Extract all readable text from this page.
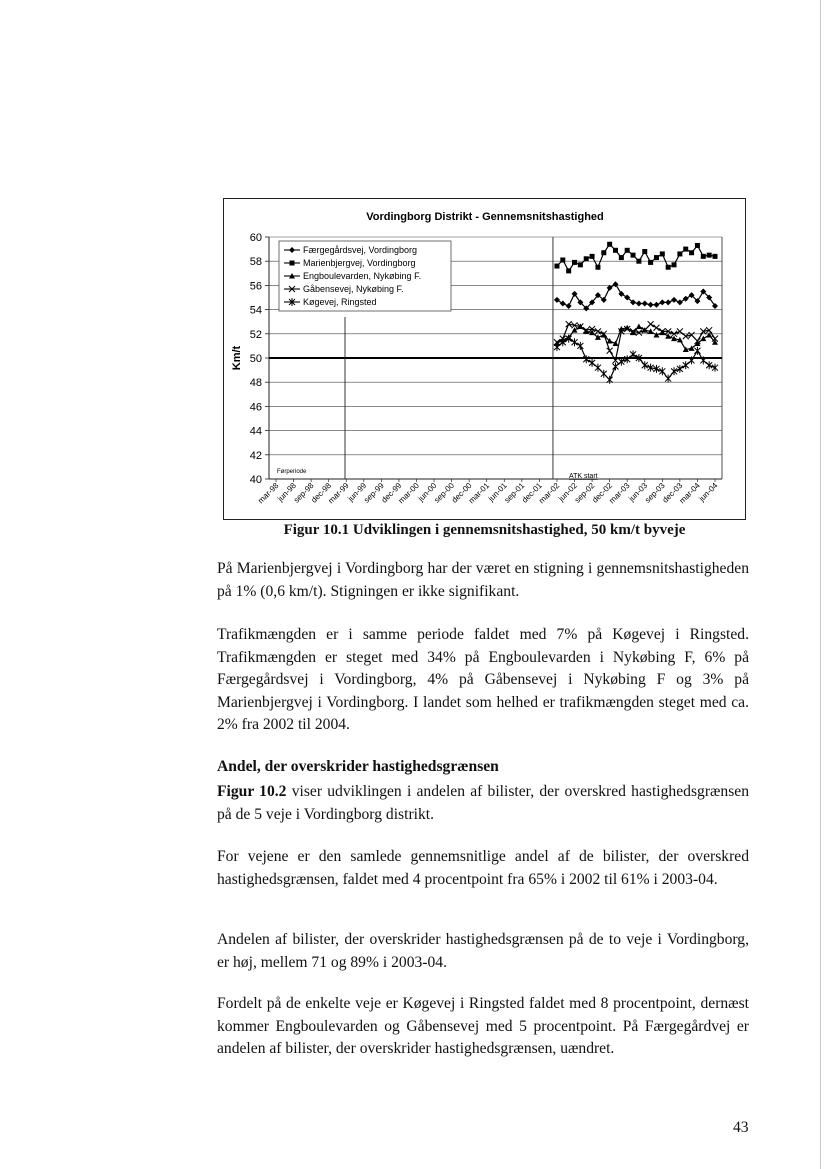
Vordingborg Distrikt - Gennemsnitshastighed
Km/t
40
42
44
46
48
50
52
54
56
58
60
mar-98
jun-98
sep-98
dec-98
mar-99
jun-99
sep-99
dec-99
mar-00
jun-00
sep-00
dec-00
mar-01
jun-01
sep-01
dec-01
mar-02
jun-02
sep-02
dec-02
mar-03
jun-03
sep-03
dec-03
mar-04
jun-04
Førperiode
ATK start
Færgegårdsvej, Vordingborg
Marienbjergvej, Vordingborg
Engboulevarden, Nykøbing F.
Gåbensevej, Nykøbing F.
Køgevej, Ringsted
Figur 10.1 Udviklingen i gennemsnitshastighed, 50 km/t byveje

På Marienbjergvej i Vordingborg har der været en stigning i gennemsnitshastigheden på 1% (0,6 km/t). Stigningen er ikke signifikant.

Trafikmængden er i samme periode faldet med 7% på Køgevej i Ringsted. Trafikmængden er steget med 34% på Engboulevarden i Nykøbing F, 6% på Færgegårdsvej i Vordingborg, 4% på Gåbensevej i Nykøbing F og 3% på Marienbjergvej i Vordingborg. I landet som helhed er trafikmængden steget med ca. 2% fra 2002 til 2004.

Andel, der overskrider hastighedsgrænsen

Figur 10.2 viser udviklingen i andelen af bilister, der overskred hastighedsgrænsen på de 5 veje i Vordingborg distrikt.

For vejene er den samlede gennemsnitlige andel af de bilister, der overskred hastighedsgrænsen, faldet med 4 procentpoint fra 65% i 2002 til 61% i 2003-04.

Andelen af bilister, der overskrider hastighedsgrænsen på de to veje i Vordingborg, er høj, mellem 71 og 89% i 2003-04.

Fordelt på de enkelte veje er Køgevej i Ringsted faldet med 8 procentpoint, dernæst kommer Engboulevarden og Gåbensevej med 5 procentpoint. På Færgegårdvej er andelen af bilister, der overskrider hastighedsgrænsen, uændret.

43
